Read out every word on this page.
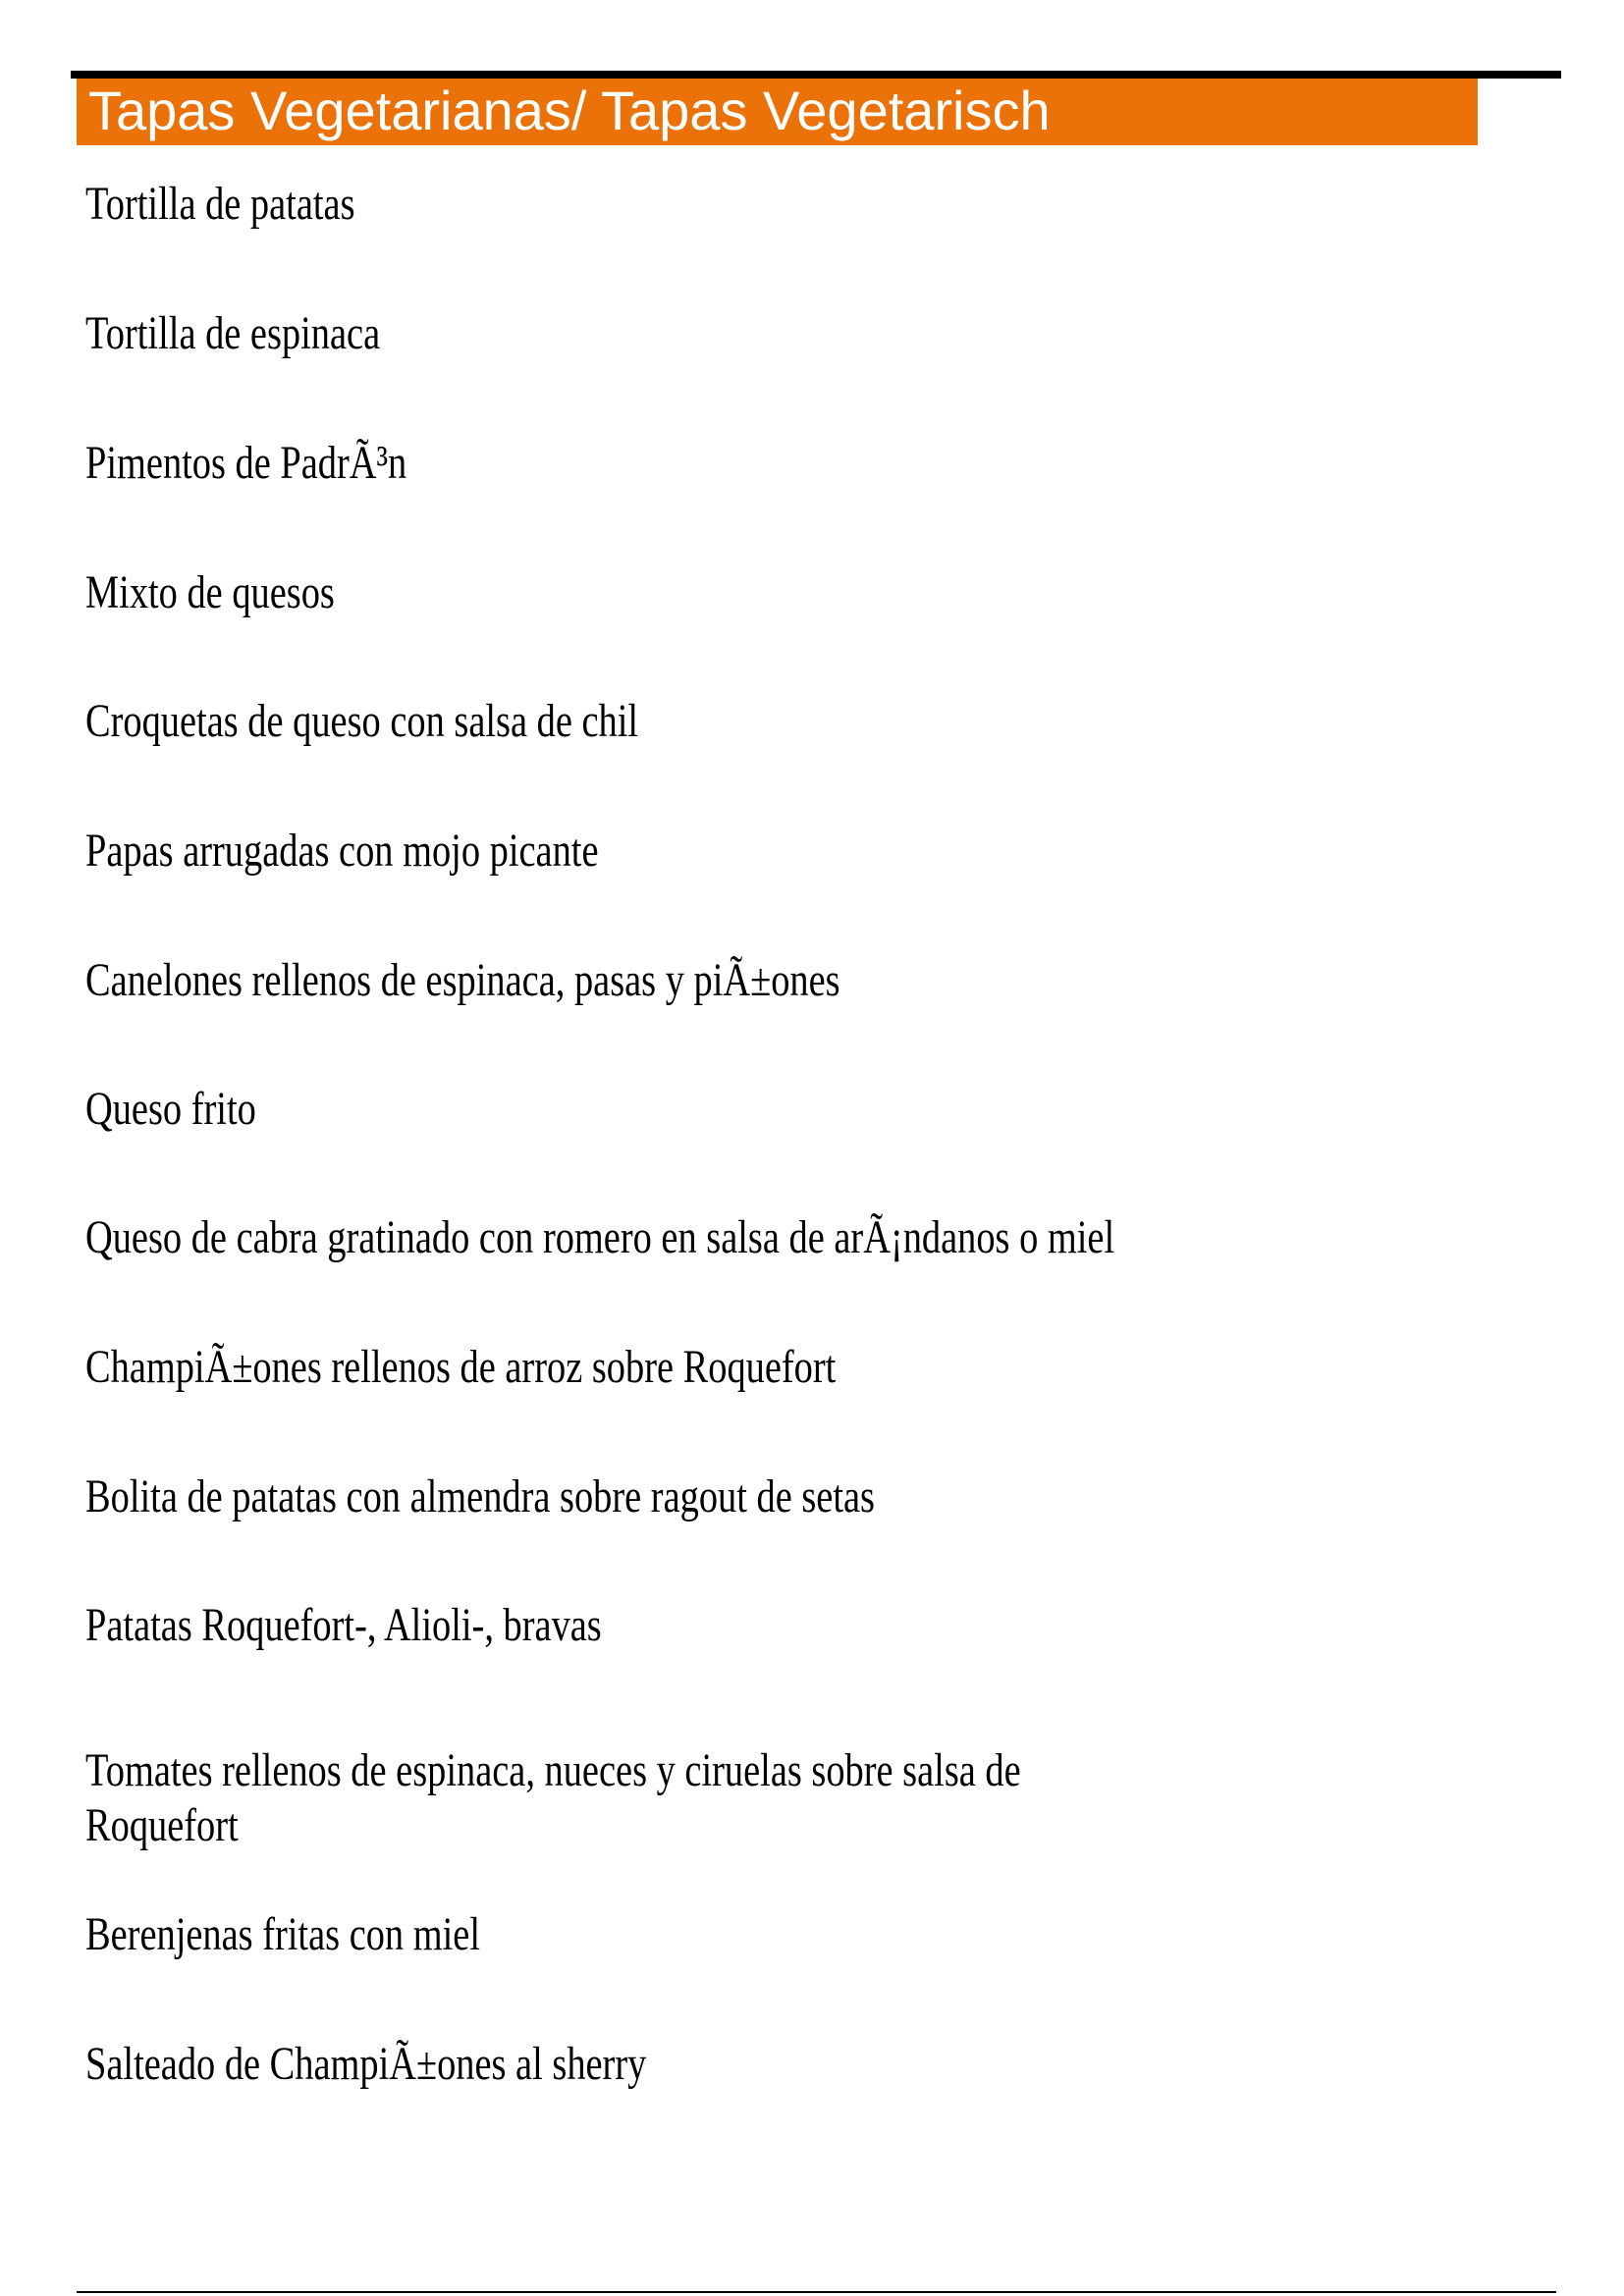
Tapas Vegetarianas/ Tapas Vegetarisch
Tortilla de patatas
Tortilla de espinaca
Pimentos de PadrÃ³n
Mixto de quesos
Croquetas de queso con salsa de chil
Papas arrugadas con mojo picante
Canelones rellenos de espinaca, pasas y piÃ±ones
Queso frito
Queso de cabra gratinado con romero en salsa de arÃ¡ndanos o miel
ChampiÃ±ones rellenos de arroz sobre Roquefort
Bolita de patatas con almendra sobre ragout de setas
Patatas Roquefort-, Alioli-, bravas
Tomates rellenos de espinaca, nueces y ciruelas sobre salsa de
Roquefort
Berenjenas fritas con miel
Salteado de ChampiÃ±ones al sherry
